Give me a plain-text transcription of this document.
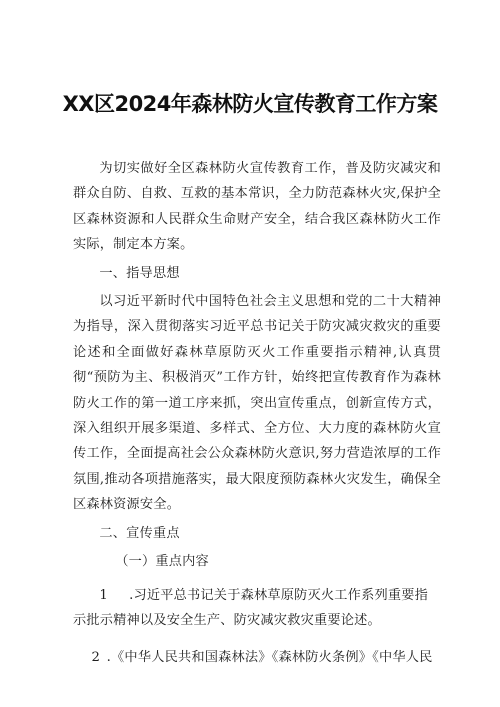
XX区2024年森林防火宣传教育工作方案

为切实做好全区森林防火宣传教育工作，普及防灾减灾和群众自防、自救、互救的基本常识，全力防范森林火灾,保护全区森林资源和人民群众生命财产安全，结合我区森林防火工作实际，制定本方案。

一、指导思想

以习近平新时代中国特色社会主义思想和党的二十大精神为指导，深入贯彻落实习近平总书记关于防灾减灾救灾的重要论述和全面做好森林草原防灭火工作重要指示精神,认真贯彻“预防为主、积极消灭”工作方针，始终把宣传教育作为森林防火工作的第一道工序来抓，突出宣传重点，创新宣传方式，深入组织开展多渠道、多样式、全方位、大力度的森林防火宣传工作，全面提高社会公众森林防火意识,努力营造浓厚的工作氛围,推动各项措施落实，最大限度预防森林火灾发生，确保全区森林资源安全。

二、宣传重点

（一）重点内容

1 .习近平总书记关于森林草原防灭火工作系列重要指
示批示精神以及安全生产、防灾减灾救灾重要论述。
2 .《中华人民共和国森林法》《森林防火条例》《中华人民
